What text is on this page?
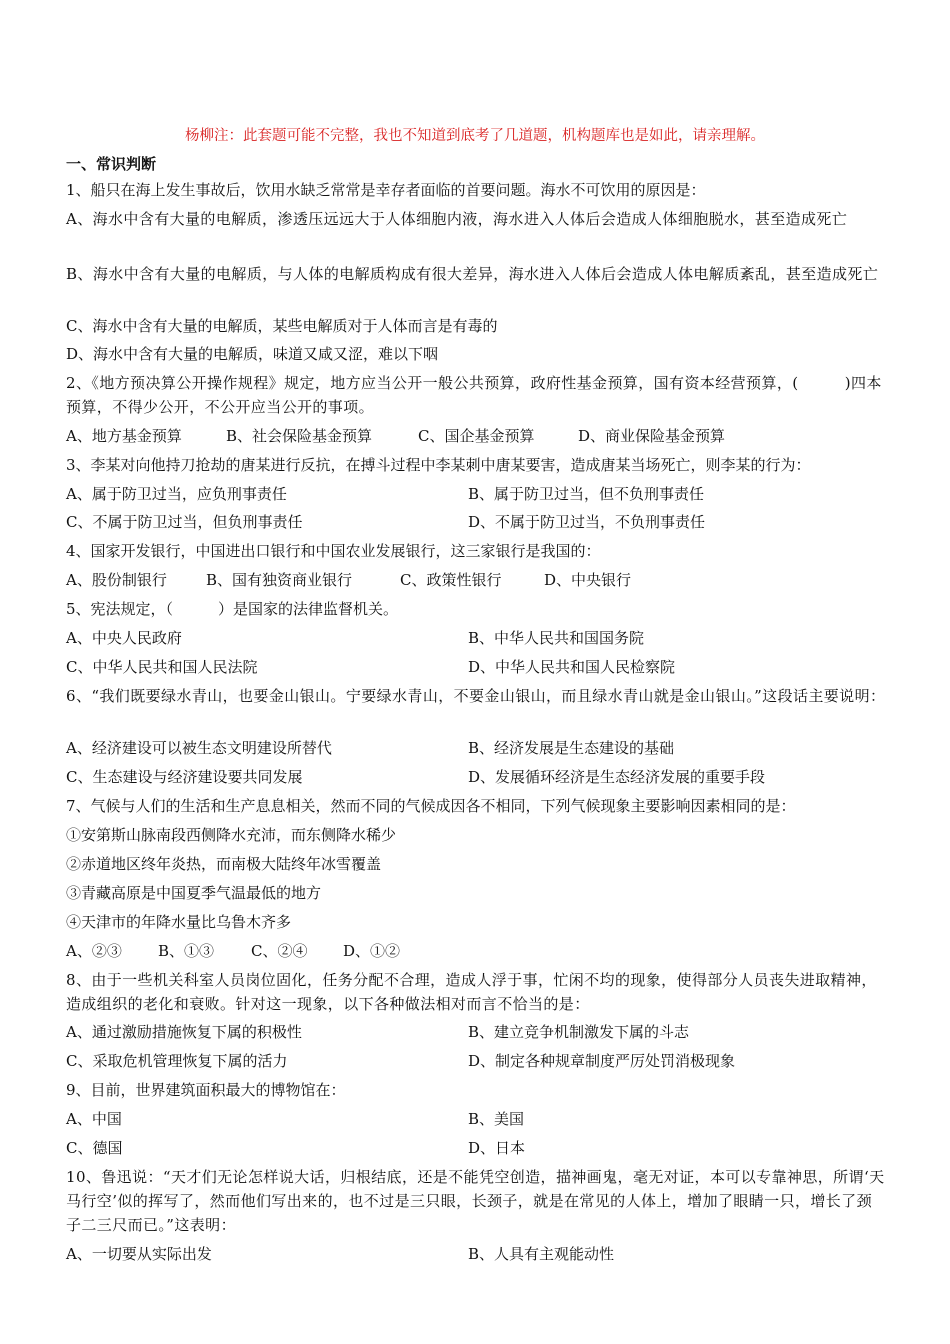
杨柳注：此套题可能不完整，我也不知道到底考了几道题，机构题库也是如此，请亲理解。
一、常识判断
1、船只在海上发生事故后，饮用水缺乏常常是幸存者面临的首要问题。海水不可饮用的原因是：
A、海水中含有大量的电解质，渗透压远远大于人体细胞内液，海水进入人体后会造成人体细胞脱水，甚至造成死亡
B、海水中含有大量的电解质，与人体的电解质构成有很大差异，海水进入人体后会造成人体电解质紊乱，甚至造成死亡
C、海水中含有大量的电解质，某些电解质对于人体而言是有毒的
D、海水中含有大量的电解质，味道又咸又涩，难以下咽
2、《地方预决算公开操作规程》规定，地方应当公开一般公共预算，政府性基金预算，国有资本经营预算，(　　　)四本预算，不得少公开，不公开应当公开的事项。
A、地方基金预算	B、社会保险基金预算	C、国企基金预算	D、商业保险基金预算
3、李某对向他持刀抢劫的唐某进行反抗，在搏斗过程中李某刺中唐某要害，造成唐某当场死亡，则李某的行为：
A、属于防卫过当，应负刑事责任	B、属于防卫过当，但不负刑事责任
C、不属于防卫过当，但负刑事责任	D、不属于防卫过当，不负刑事责任
4、国家开发银行，中国进出口银行和中国农业发展银行，这三家银行是我国的：
A、股份制银行	B、国有独资商业银行	C、政策性银行	D、中央银行
5、宪法规定，（　　　）是国家的法律监督机关。
A、中央人民政府	B、中华人民共和国国务院
C、中华人民共和国人民法院	D、中华人民共和国人民检察院
6、“我们既要绿水青山，也要金山银山。宁要绿水青山，不要金山银山，而且绿水青山就是金山银山。”这段话主要说明：
A、经济建设可以被生态文明建设所替代	B、经济发展是生态建设的基础
C、生态建设与经济建设要共同发展	D、发展循环经济是生态经济发展的重要手段
7、气候与人们的生活和生产息息相关，然而不同的气候成因各不相同，下列气候现象主要影响因素相同的是：
①安第斯山脉南段西侧降水充沛，而东侧降水稀少
②赤道地区终年炎热，而南极大陆终年冰雪覆盖
③青藏高原是中国夏季气温最低的地方
④天津市的年降水量比乌鲁木齐多
A、②③ B、①③ C、②④ D、①②
8、由于一些机关科室人员岗位固化，任务分配不合理，造成人浮于事，忙闲不均的现象，使得部分人员丧失进取精神，造成组织的老化和衰败。针对这一现象，以下各种做法相对而言不恰当的是：
A、通过激励措施恢复下属的积极性	B、建立竞争机制激发下属的斗志
C、采取危机管理恢复下属的活力	D、制定各种规章制度严厉处罚消极现象
9、目前，世界建筑面积最大的博物馆在：
A、中国	B、美国
C、德国	D、日本
10、鲁迅说：“天才们无论怎样说大话，归根结底，还是不能凭空创造，描神画鬼，毫无对证，本可以专靠神思，所谓‘天马行空’似的挥写了，然而他们写出来的，也不过是三只眼，长颈子，就是在常见的人体上，增加了眼睛一只，增长了颈子二三尺而已。”这表明：
A、一切要从实际出发	B、人具有主观能动性
